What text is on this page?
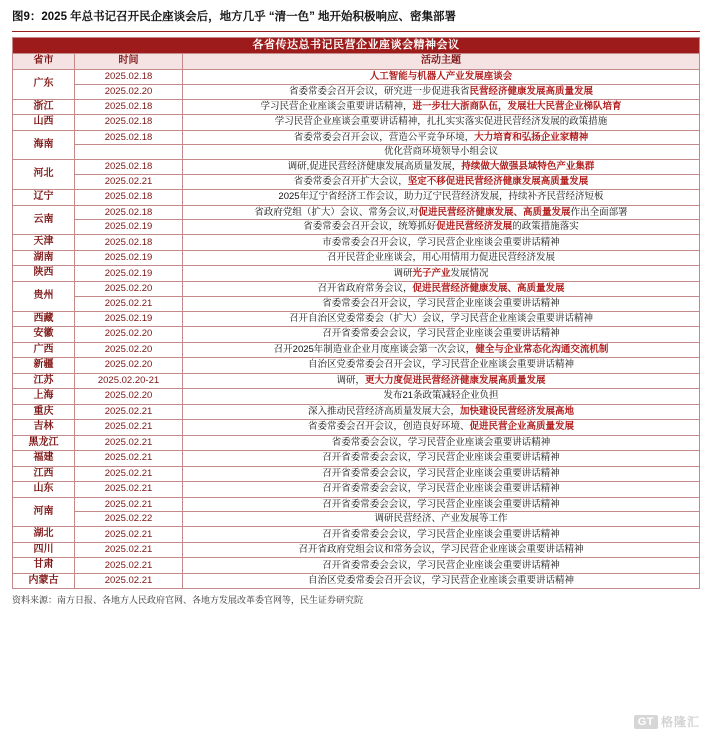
图9：2025 年总书记召开民企座谈会后，地方几乎 “清一色” 地开始积极响应、密集部署
各省传达总书记民营企业座谈会精神会议		
省市	时间	活动主题
广东	2025.02.18	人工智能与机器人产业发展座谈会
	2025.02.20	省委常委会召开会议，研究进一步促进我省民营经济健康发展高质量发展
浙江	2025.02.18	学习民营企业座谈会重要讲话精神，进一步壮大浙商队伍，发展壮大民营企业梯队培育
山西	2025.02.18	学习民营企业座谈会重要讲话精神，扎扎实实落实促进民营经济发展的政策措施
海南	2025.02.18	省委常委会召开会议，营造公平竞争环境，大力培育和弘扬企业家精神
		优化营商环境领导小组会议
河北	2025.02.18	调研,促进民营经济健康发展高质量发展，持续做大做强县域特色产业集群
	2025.02.21	省委常委会召开扩大会议，坚定不移促进民营经济健康发展高质量发展
辽宁	2025.02.18	2025年辽宁省经济工作会议，助力辽宁民营经济发展，持续补齐民营经济短板
云南	2025.02.18	省政府党组（扩大）会议、常务会议,对促进民营经济健康发展、高质量发展作出全面部署
	2025.02.19	省委常委会召开会议，统筹抓好促进民营经济发展的政策措施落实
天津	2025.02.18	市委常委会召开会议，学习民营企业座谈会重要讲话精神
湖南	2025.02.19	召开民营企业座谈会，用心用情用力促进民营经济发展
陕西	2025.02.19	调研光子产业发展情况
贵州	2025.02.20	召开省政府常务会议，促进民营经济健康发展、高质量发展
	2025.02.21	省委常委会召开会议，学习民营企业座谈会重要讲话精神
西藏	2025.02.19	召开自治区党委常委会（扩大）会议，学习民营企业座谈会重要讲话精神
安徽	2025.02.20	召开省委常委会会议，学习民营企业座谈会重要讲话精神
广西	2025.02.20	召开2025年制造业企业月度座谈会第一次会议，健全与企业常态化沟通交流机制
新疆	2025.02.20	自治区党委常委会召开会议，学习民营企业座谈会重要讲话精神
江苏	2025.02.20-21	调研，更大力度促进民营经济健康发展高质量发展
上海	2025.02.20	发布21条政策减轻企业负担
重庆	2025.02.21	深入推动民营经济高质量发展大会，加快建设民营经济发展高地
吉林	2025.02.21	省委常委会召开会议，创造良好环境、促进民营企业高质量发展
黑龙江	2025.02.21	省委常委会会议，学习民营企业座谈会重要讲话精神
福建	2025.02.21	召开省委常委会会议，学习民营企业座谈会重要讲话精神
江西	2025.02.21	召开省委常委会会议，学习民营企业座谈会重要讲话精神
山东	2025.02.21	召开省委常委会会议，学习民营企业座谈会重要讲话精神
河南	2025.02.21	召开省委常委会会议，学习民营企业座谈会重要讲话精神
	2025.02.22	调研民营经济、产业发展等工作
湖北	2025.02.21	召开省委常委会会议，学习民营企业座谈会重要讲话精神
四川	2025.02.21	召开省政府党组会议和常务会议，学习民营企业座谈会重要讲话精神
甘肃	2025.02.21	召开省委常委会会议，学习民营企业座谈会重要讲话精神
内蒙古	2025.02.21	自治区党委常委会召开会议，学习民营企业座谈会重要讲话精神
资料来源：南方日报、各地方人民政府官网、各地方发展改革委官网等，民生证券研究院
GT 格隆汇
